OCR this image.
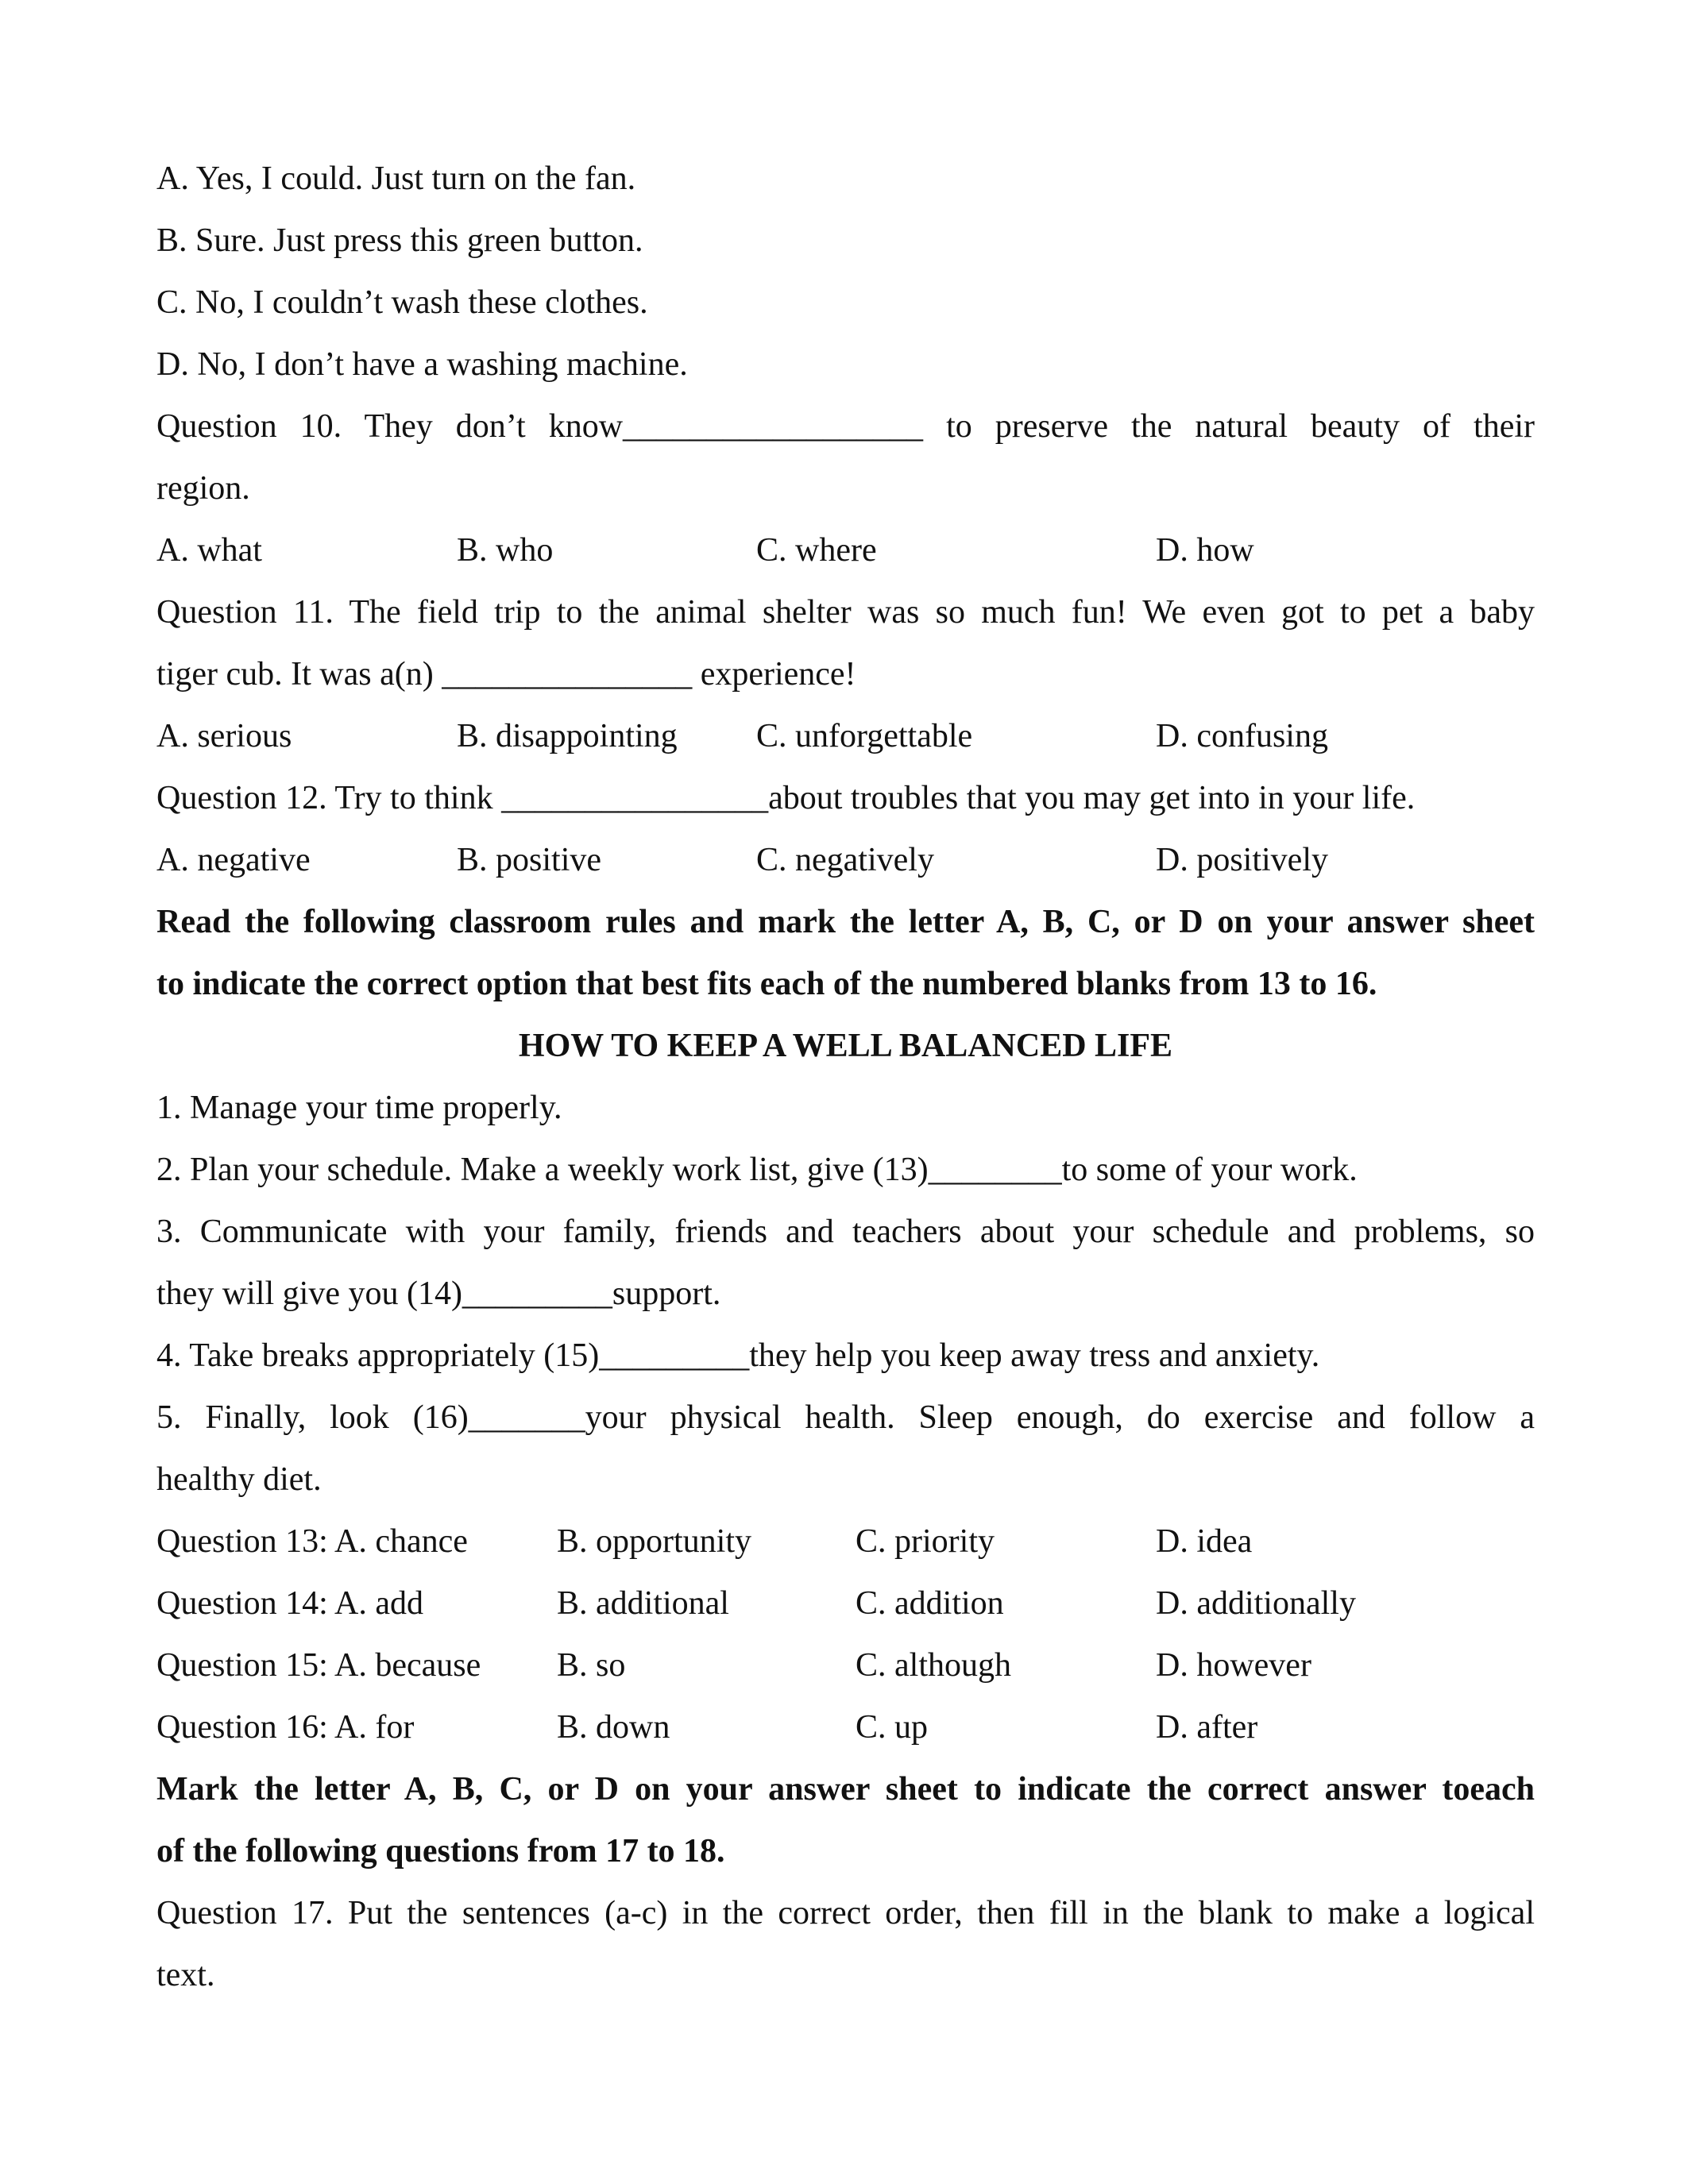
A. Yes, I could. Just turn on the fan.
B. Sure. Just press this green button.
C. No, I couldn’t wash these clothes.
D. No, I don’t have a washing machine.
Question 10. They don’t know__________________ to preserve the natural beauty of their
region.
A. what	B. who	C. where	D. how
Question 11. The field trip to the animal shelter was so much fun! We even got to pet a baby
tiger cub. It was a(n) _______________ experience!
A. serious	B. disappointing C. unforgettable	D. confusing
Question 12. Try to think ________________about troubles that you may get into in your life.
A. negative	B. positive	C. negatively	D. positively
Read the following classroom rules and mark the letter A, B, C, or D on your answer sheet
to indicate the correct option that best fits each of the numbered blanks from 13 to 16.
HOW TO KEEP A WELL BALANCED LIFE
1. Manage your time properly.
2. Plan your schedule. Make a weekly work list, give (13)________to some of your work.
3. Communicate with your family, friends and teachers about your schedule and problems, so
they will give you (14)_________support.
4. Take breaks appropriately (15)_________they help you keep away tress and anxiety.
5. Finally, look (16)_______your physical health. Sleep enough, do exercise and follow a
healthy diet.
Question 13: A. chance	B. opportunity	C. priority	D. idea
Question 14: A. add	B. additional	C. addition	D. additionally
Question 15: A. because B. so	C. although	D. however
Question 16: A. for	B. down	C. up	D. after
Mark the letter A, B, C, or D on your answer sheet to indicate the correct answer toeach
of the following questions from 17 to 18.
Question 17. Put the sentences (a-c) in the correct order, then fill in the blank to make a logical
text.
